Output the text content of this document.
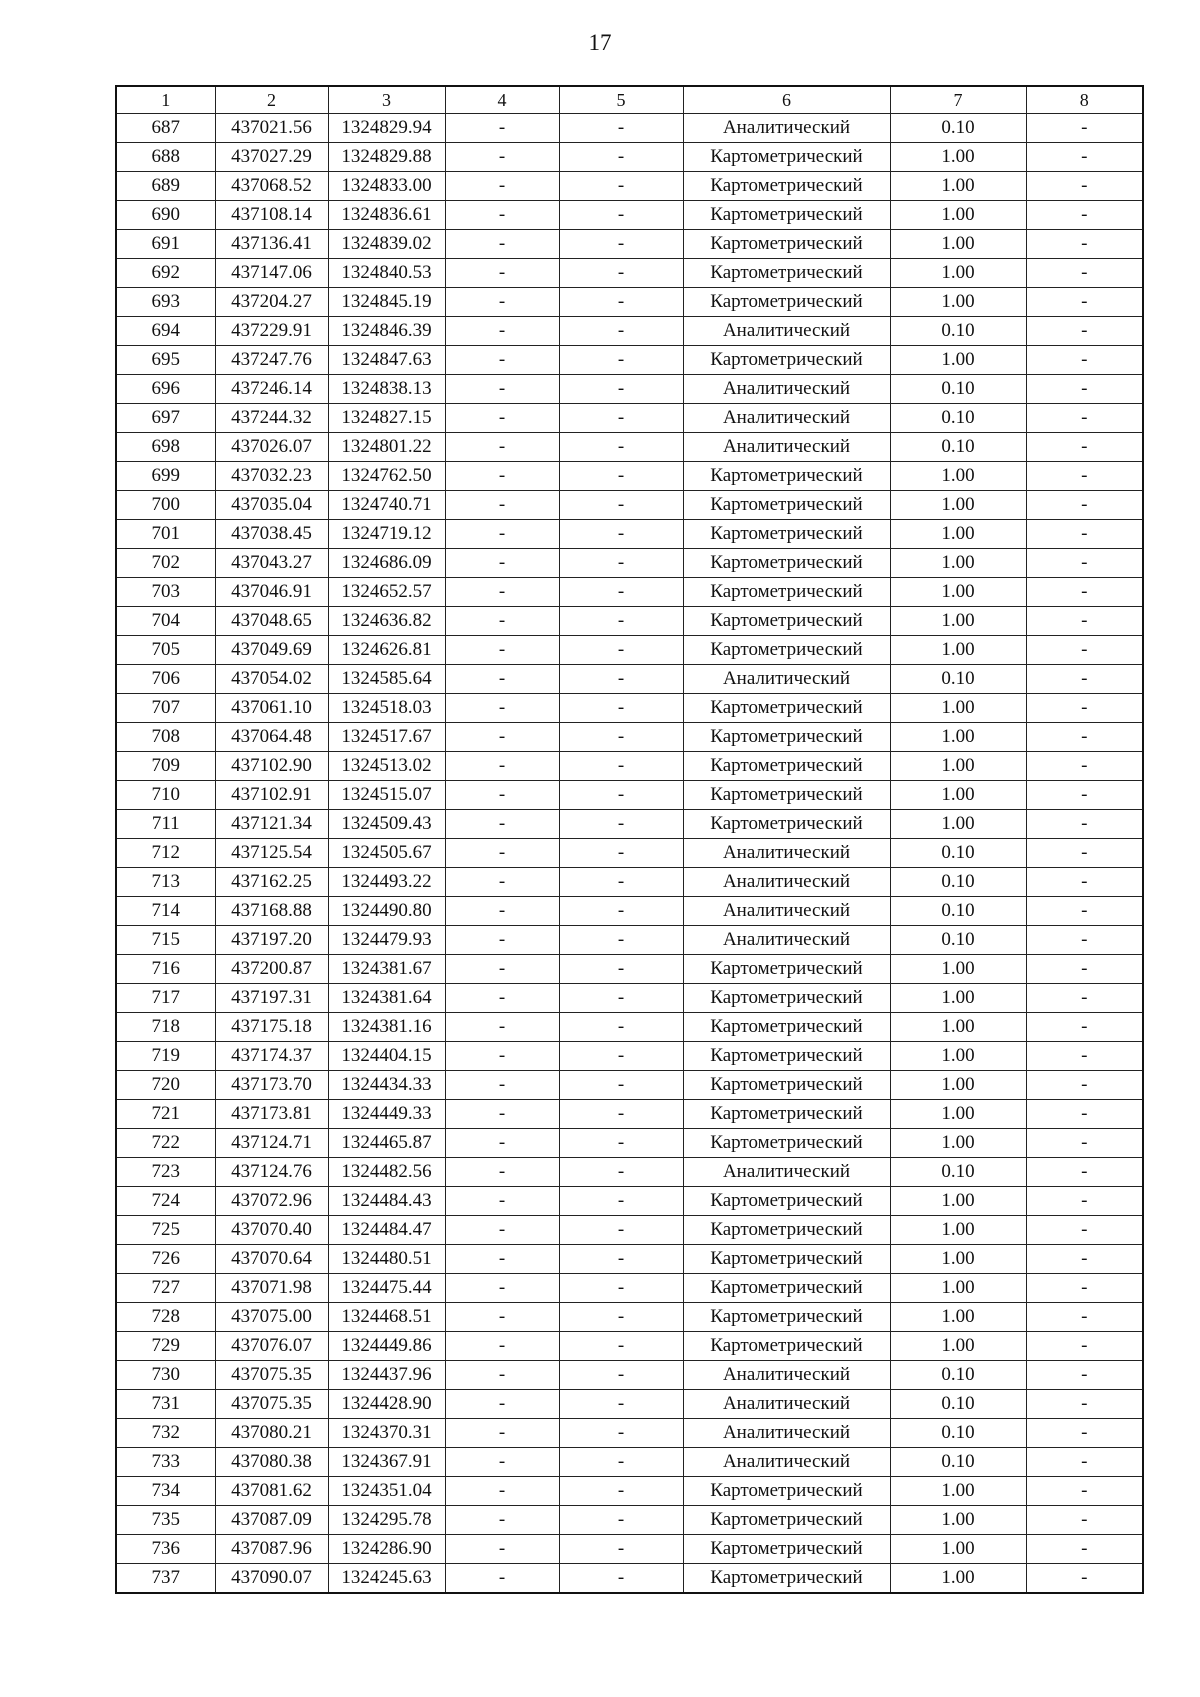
17
1	2	3	4	5	6	7	8
687	437021.56	1324829.94	-	-	Аналитический	0.10	-
688	437027.29	1324829.88	-	-	Картометрический	1.00	-
689	437068.52	1324833.00	-	-	Картометрический	1.00	-
690	437108.14	1324836.61	-	-	Картометрический	1.00	-
691	437136.41	1324839.02	-	-	Картометрический	1.00	-
692	437147.06	1324840.53	-	-	Картометрический	1.00	-
693	437204.27	1324845.19	-	-	Картометрический	1.00	-
694	437229.91	1324846.39	-	-	Аналитический	0.10	-
695	437247.76	1324847.63	-	-	Картометрический	1.00	-
696	437246.14	1324838.13	-	-	Аналитический	0.10	-
697	437244.32	1324827.15	-	-	Аналитический	0.10	-
698	437026.07	1324801.22	-	-	Аналитический	0.10	-
699	437032.23	1324762.50	-	-	Картометрический	1.00	-
700	437035.04	1324740.71	-	-	Картометрический	1.00	-
701	437038.45	1324719.12	-	-	Картометрический	1.00	-
702	437043.27	1324686.09	-	-	Картометрический	1.00	-
703	437046.91	1324652.57	-	-	Картометрический	1.00	-
704	437048.65	1324636.82	-	-	Картометрический	1.00	-
705	437049.69	1324626.81	-	-	Картометрический	1.00	-
706	437054.02	1324585.64	-	-	Аналитический	0.10	-
707	437061.10	1324518.03	-	-	Картометрический	1.00	-
708	437064.48	1324517.67	-	-	Картометрический	1.00	-
709	437102.90	1324513.02	-	-	Картометрический	1.00	-
710	437102.91	1324515.07	-	-	Картометрический	1.00	-
711	437121.34	1324509.43	-	-	Картометрический	1.00	-
712	437125.54	1324505.67	-	-	Аналитический	0.10	-
713	437162.25	1324493.22	-	-	Аналитический	0.10	-
714	437168.88	1324490.80	-	-	Аналитический	0.10	-
715	437197.20	1324479.93	-	-	Аналитический	0.10	-
716	437200.87	1324381.67	-	-	Картометрический	1.00	-
717	437197.31	1324381.64	-	-	Картометрический	1.00	-
718	437175.18	1324381.16	-	-	Картометрический	1.00	-
719	437174.37	1324404.15	-	-	Картометрический	1.00	-
720	437173.70	1324434.33	-	-	Картометрический	1.00	-
721	437173.81	1324449.33	-	-	Картометрический	1.00	-
722	437124.71	1324465.87	-	-	Картометрический	1.00	-
723	437124.76	1324482.56	-	-	Аналитический	0.10	-
724	437072.96	1324484.43	-	-	Картометрический	1.00	-
725	437070.40	1324484.47	-	-	Картометрический	1.00	-
726	437070.64	1324480.51	-	-	Картометрический	1.00	-
727	437071.98	1324475.44	-	-	Картометрический	1.00	-
728	437075.00	1324468.51	-	-	Картометрический	1.00	-
729	437076.07	1324449.86	-	-	Картометрический	1.00	-
730	437075.35	1324437.96	-	-	Аналитический	0.10	-
731	437075.35	1324428.90	-	-	Аналитический	0.10	-
732	437080.21	1324370.31	-	-	Аналитический	0.10	-
733	437080.38	1324367.91	-	-	Аналитический	0.10	-
734	437081.62	1324351.04	-	-	Картометрический	1.00	-
735	437087.09	1324295.78	-	-	Картометрический	1.00	-
736	437087.96	1324286.90	-	-	Картометрический	1.00	-
737	437090.07	1324245.63	-	-	Картометрический	1.00	-
